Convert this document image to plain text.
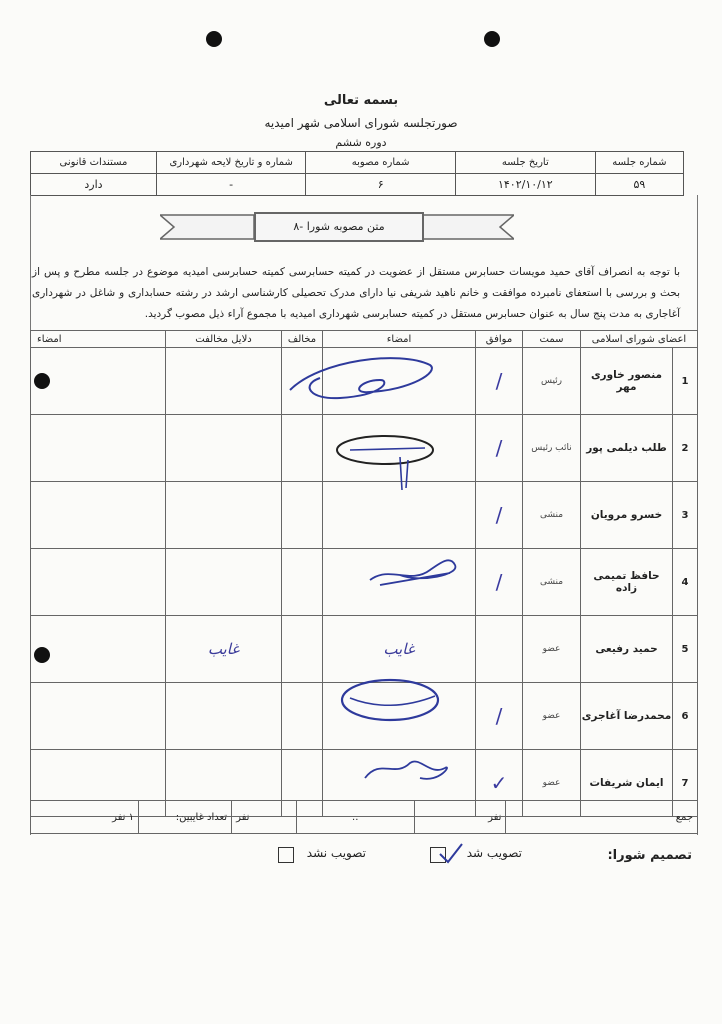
بسمه تعالی
صورتجلسه شورای اسلامی شهر امیدیه
دوره ششم
شماره جلسه	تاریخ جلسه	شماره مصوبه	شماره و تاریخ لایحه شهرداری	مستندات قانونی
۵۹	۱۴۰۲/۱۰/۱۲	۶	-	دارد
۸- متن مصوبه شورا
با توجه به انصراف آقای حمید مویسات حسابرس مستقل از عضویت در کمیته حسابرسی کمیته حسابرسی امیدیه موضوع در جلسه مطرح و پس از بحث و بررسی با استعفای نامبرده موافقت و خانم ناهید شریفی نیا دارای مدرک تحصیلی کارشناسی ارشد در رشته حسابداری و شاغل در شهرداری آغاجاری به مدت پنج سال به عنوان حسابرس مستقل در کمیته حسابرسی شهرداری امیدیه با مجموع آراء ذیل مصوب گردید.
اعضای شورای اسلامی		سمت	موافق	امضاء	مخالف	دلایل مخالفت	امضاء
1	منصور خاوری مهر	رئیس	/				
2	طلب دیلمی پور	نائب رئیس	/				
3	خسرو مرویان	منشی	/				
4	حافظ تمیمی زاده	منشی	/				
5	حمید رفیعی	عضو		غایب		غایب	
6	محمدرضا آغاجری	عضو	/				
7	ایمان شریفات	عضو	✓				
جمع	نفر	..	نفر	تعداد غایبین:	۱ نفر
تصمیم شورا:
تصویب شد
تصویب نشد
